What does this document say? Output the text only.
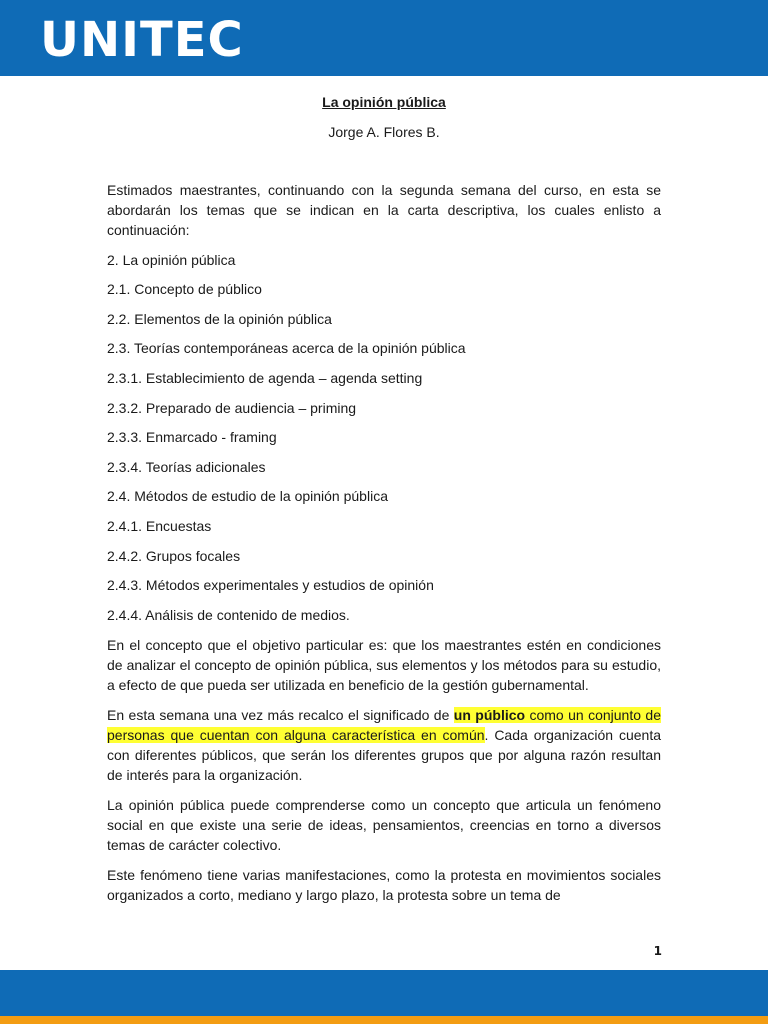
UNITEC

La opinión pública

Jorge A. Flores B.

Estimados maestrantes, continuando con la segunda semana del curso, en esta se abordarán los temas que se indican en la carta descriptiva, los cuales enlisto a continuación:

2. La opinión pública
2.1. Concepto de público
2.2. Elementos de la opinión pública
2.3. Teorías contemporáneas acerca de la opinión pública
2.3.1. Establecimiento de agenda – agenda setting
2.3.2. Preparado de audiencia – priming
2.3.3. Enmarcado - framing
2.3.4. Teorías adicionales
2.4. Métodos de estudio de la opinión pública
2.4.1. Encuestas
2.4.2. Grupos focales
2.4.3. Métodos experimentales y estudios de opinión
2.4.4. Análisis de contenido de medios.

En el concepto que el objetivo particular es: que los maestrantes estén en condiciones de analizar el concepto de opinión pública, sus elementos y los métodos para su estudio, a efecto de que pueda ser utilizada en beneficio de la gestión gubernamental.

En esta semana una vez más recalco el significado de un público como un conjunto de personas que cuentan con alguna característica en común. Cada organización cuenta con diferentes públicos, que serán los diferentes grupos que por alguna razón resultan de interés para la organización.

La opinión pública puede comprenderse como un concepto que articula un fenómeno social en que existe una serie de ideas, pensamientos, creencias en torno a diversos temas de carácter colectivo.

Este fenómeno tiene varias manifestaciones, como la protesta en movimientos sociales organizados a corto, mediano y largo plazo, la protesta sobre un tema de

1
